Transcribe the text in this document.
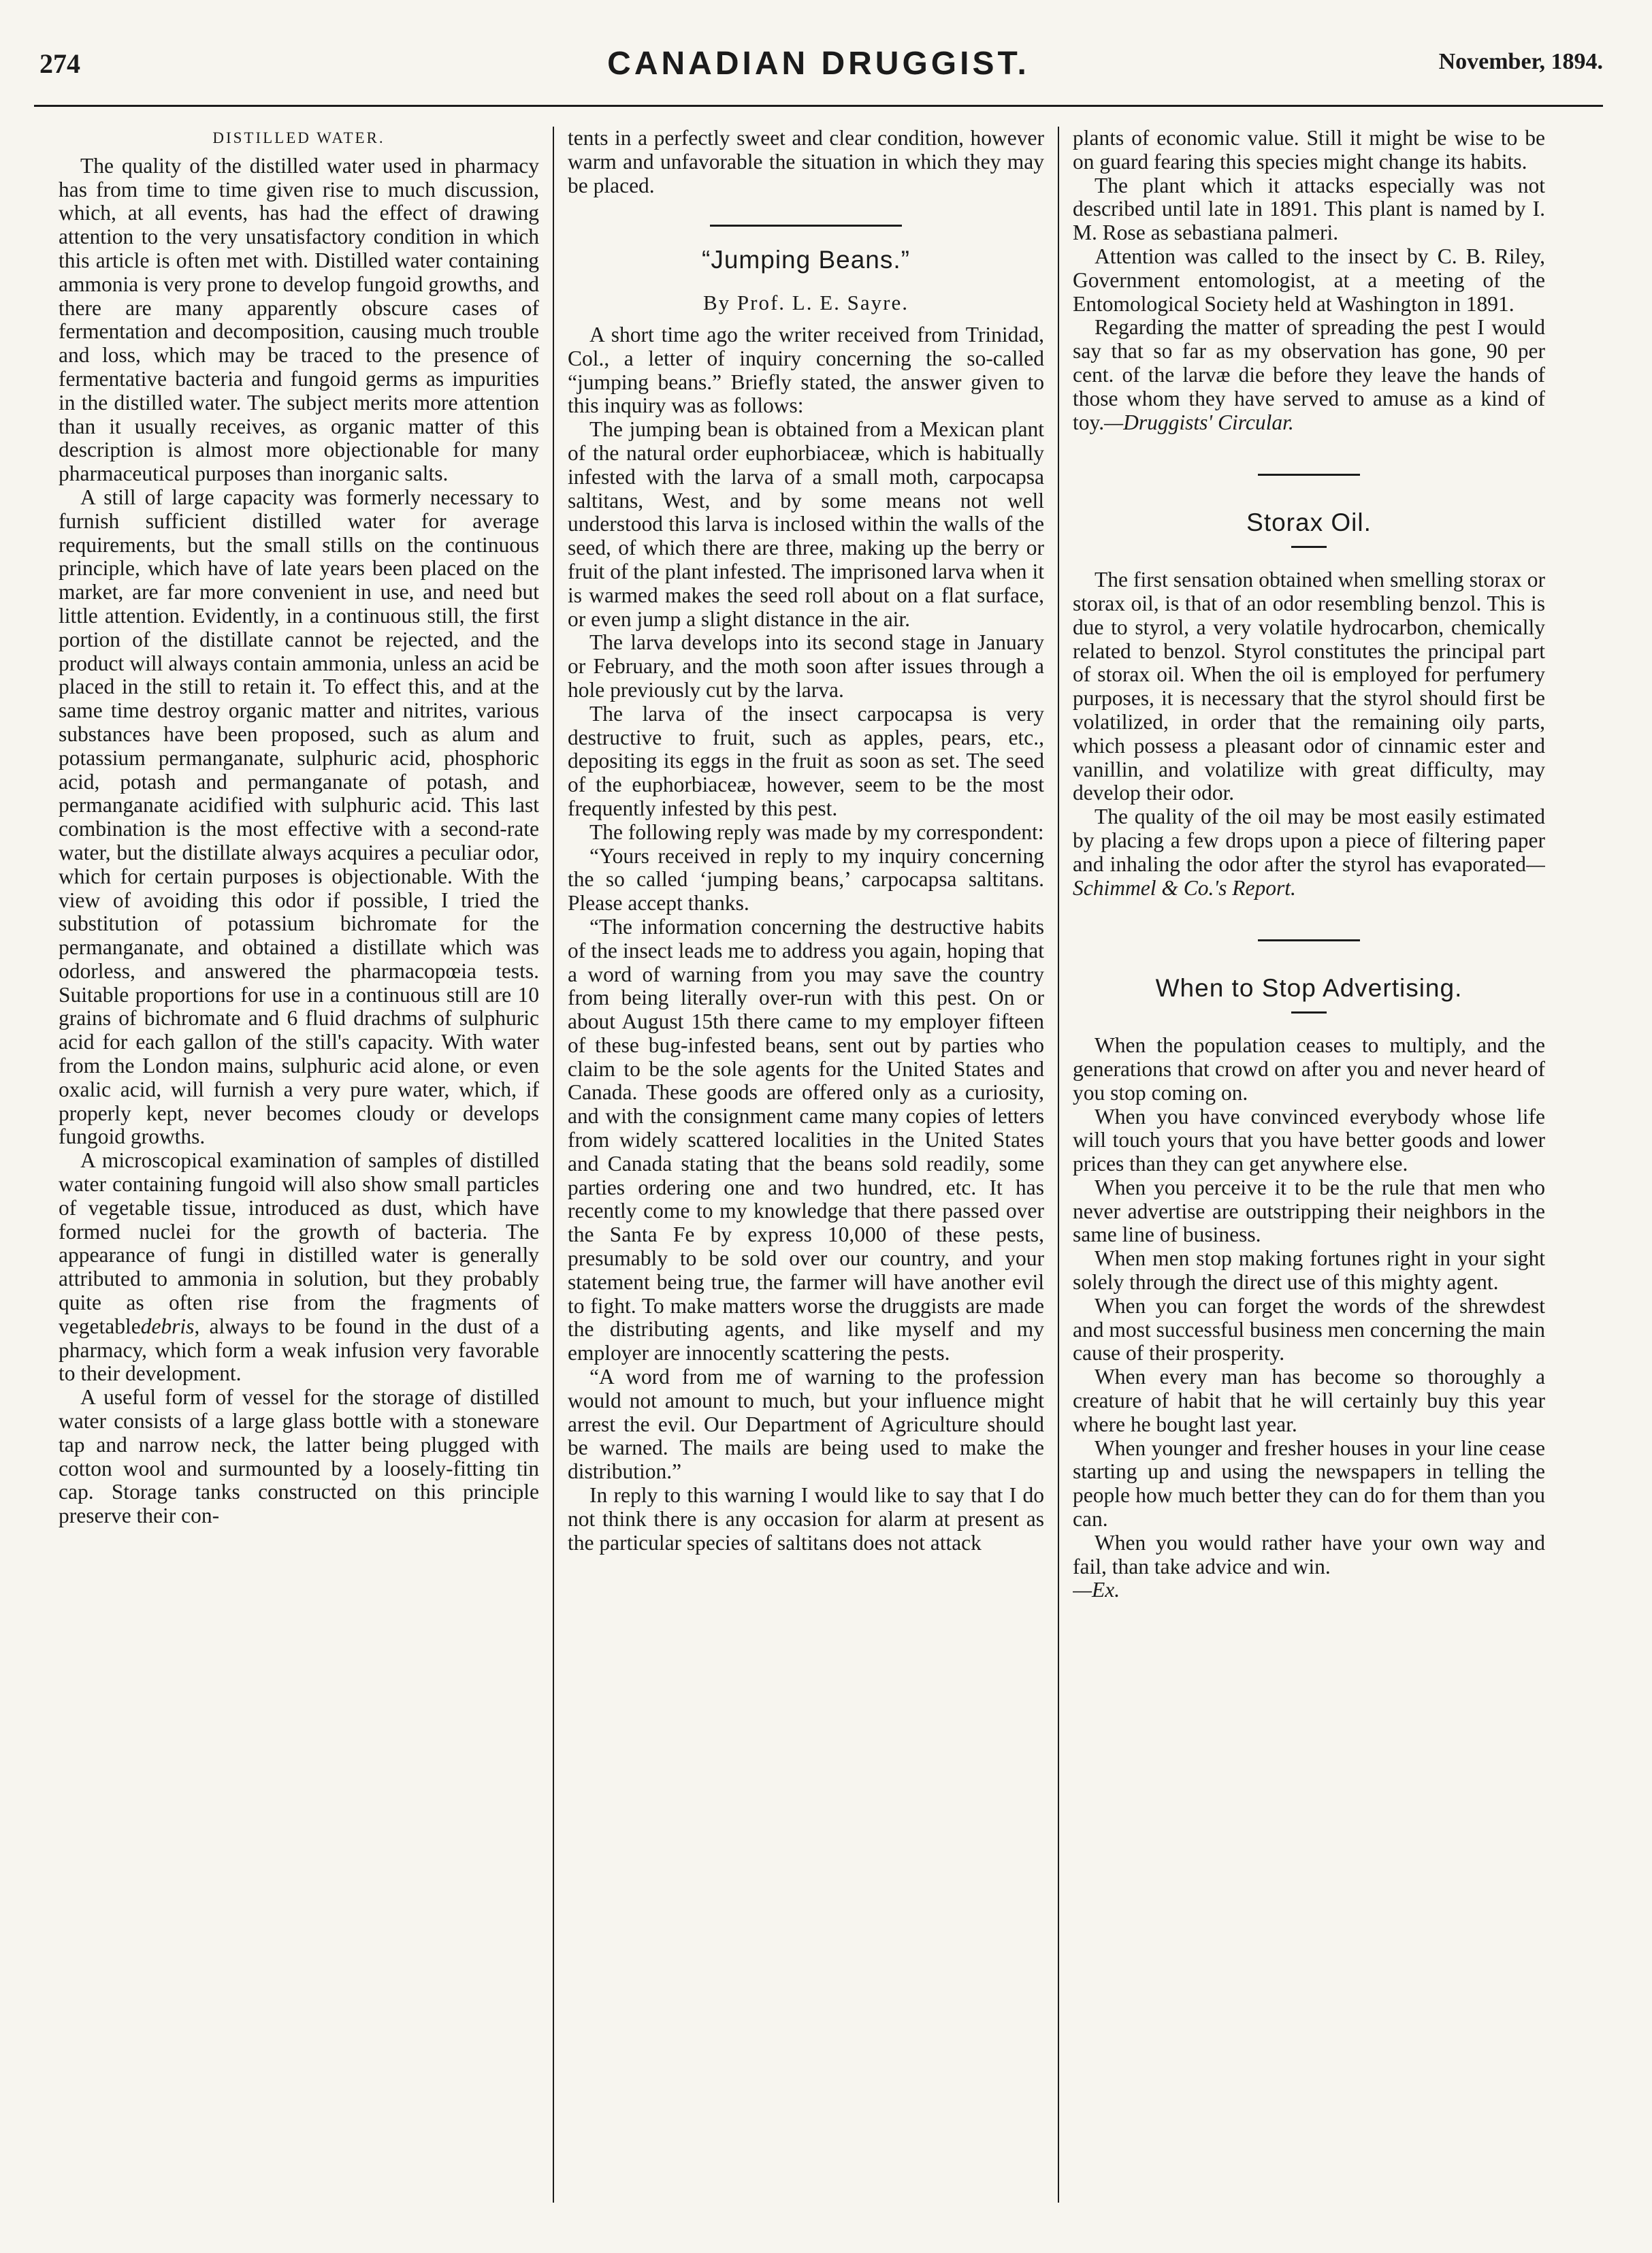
274	CANADIAN DRUGGIST.	November, 1894.
DISTILLED WATER.

The quality of the distilled water used in pharmacy has from time to time given rise to much discussion, which, at all events, has had the effect of drawing attention to the very unsatisfactory condition in which this article is often met with. Distilled water containing ammonia is very prone to develop fungoid growths, and there are many apparently obscure cases of fermentation and decomposition, causing much trouble and loss, which may be traced to the presence of fermentative bacteria and fungoid germs as impurities in the distilled water. The subject merits more attention than it usually receives, as organic matter of this description is almost more objectionable for many pharmaceutical purposes than inorganic salts.

A still of large capacity was formerly necessary to furnish sufficient distilled water for average requirements, but the small stills on the continuous principle, which have of late years been placed on the market, are far more convenient in use, and need but little attention. Evidently, in a continuous still, the first portion of the distillate cannot be rejected, and the product will always contain ammonia, unless an acid be placed in the still to retain it. To effect this, and at the same time destroy organic matter and nitrites, various substances have been proposed, such as alum and potassium permanganate, sulphuric acid, phosphoric acid, potash and permanganate of potash, and permanganate acidified with sulphuric acid. This last combination is the most effective with a second-rate water, but the distillate always acquires a peculiar odor, which for certain purposes is objectionable. With the view of avoiding this odor if possible, I tried the substitution of potassium bichromate for the permanganate, and obtained a distillate which was odorless, and answered the pharmacopœia tests. Suitable proportions for use in a continuous still are 10 grains of bichromate and 6 fluid drachms of sulphuric acid for each gallon of the still's capacity. With water from the London mains, sulphuric acid alone, or even oxalic acid, will furnish a very pure water, which, if properly kept, never becomes cloudy or develops fungoid growths.

A microscopical examination of samples of distilled water containing fungoid will also show small particles of vegetable tissue, introduced as dust, which have formed nuclei for the growth of bacteria. The appearance of fungi in distilled water is generally attributed to ammonia in solution, but they probably quite as often rise from the fragments of vegetabledebris, always to be found in the dust of a pharmacy, which form a weak infusion very favorable to their development.

A useful form of vessel for the storage of distilled water consists of a large glass bottle with a stoneware tap and narrow neck, the latter being plugged with cotton wool and surmounted by a loosely-fitting tin cap. Storage tanks constructed on this principle preserve their con-

tents in a perfectly sweet and clear condition, however warm and unfavorable the situation in which they may be placed.

“Jumping Beans.”
By Prof. L. E. Sayre.

A short time ago the writer received from Trinidad, Col., a letter of inquiry concerning the so-called “jumping beans.” Briefly stated, the answer given to this inquiry was as follows:

The jumping bean is obtained from a Mexican plant of the natural order euphorbiaceæ, which is habitually infested with the larva of a small moth, carpocapsa saltitans, West, and by some means not well understood this larva is inclosed within the walls of the seed, of which there are three, making up the berry or fruit of the plant infested. The imprisoned larva when it is warmed makes the seed roll about on a flat surface, or even jump a slight distance in the air.

The larva develops into its second stage in January or February, and the moth soon after issues through a hole previously cut by the larva.

The larva of the insect carpocapsa is very destructive to fruit, such as apples, pears, etc., depositing its eggs in the fruit as soon as set. The seed of the euphorbiaceæ, however, seem to be the most frequently infested by this pest.

The following reply was made by my correspondent:

“Yours received in reply to my inquiry concerning the so called ‘jumping beans,’ carpocapsa saltitans. Please accept thanks.

“The information concerning the destructive habits of the insect leads me to address you again, hoping that a word of warning from you may save the country from being literally over-run with this pest. On or about August 15th there came to my employer fifteen of these bug-infested beans, sent out by parties who claim to be the sole agents for the United States and Canada. These goods are offered only as a curiosity, and with the consignment came many copies of letters from widely scattered localities in the United States and Canada stating that the beans sold readily, some parties ordering one and two hundred, etc. It has recently come to my knowledge that there passed over the Santa Fe by express 10,000 of these pests, presumably to be sold over our country, and your statement being true, the farmer will have another evil to fight. To make matters worse the druggists are made the distributing agents, and like myself and my employer are innocently scattering the pests.

“A word from me of warning to the profession would not amount to much, but your influence might arrest the evil. Our Department of Agriculture should be warned. The mails are being used to make the distribution.”

In reply to this warning I would like to say that I do not think there is any occasion for alarm at present as the particular species of saltitans does not attack

plants of economic value. Still it might be wise to be on guard fearing this species might change its habits.

The plant which it attacks especially was not described until late in 1891. This plant is named by I. M. Rose as sebastiana palmeri.

Attention was called to the insect by C. B. Riley, Government entomologist, at a meeting of the Entomological Society held at Washington in 1891.

Regarding the matter of spreading the pest I would say that so far as my observation has gone, 90 per cent. of the larvæ die before they leave the hands of those whom they have served to amuse as a kind of toy.—Druggists' Circular.

Storax Oil.

The first sensation obtained when smelling storax or storax oil, is that of an odor resembling benzol. This is due to styrol, a very volatile hydrocarbon, chemically related to benzol. Styrol constitutes the principal part of storax oil. When the oil is employed for perfumery purposes, it is necessary that the styrol should first be volatilized, in order that the remaining oily parts, which possess a pleasant odor of cinnamic ester and vanillin, and volatilize with great difficulty, may develop their odor.

The quality of the oil may be most easily estimated by placing a few drops upon a piece of filtering paper and inhaling the odor after the styrol has evaporated—Schimmel & Co.'s Report.

When to Stop Advertising.

When the population ceases to multiply, and the generations that crowd on after you and never heard of you stop coming on.

When you have convinced everybody whose life will touch yours that you have better goods and lower prices than they can get anywhere else.

When you perceive it to be the rule that men who never advertise are outstripping their neighbors in the same line of business.

When men stop making fortunes right in your sight solely through the direct use of this mighty agent.

When you can forget the words of the shrewdest and most successful business men concerning the main cause of their prosperity.

When every man has become so thoroughly a creature of habit that he will certainly buy this year where he bought last year.

When younger and fresher houses in your line cease starting up and using the newspapers in telling the people how much better they can do for them than you can.

When you would rather have your own way and fail, than take advice and win.

—Ex.
